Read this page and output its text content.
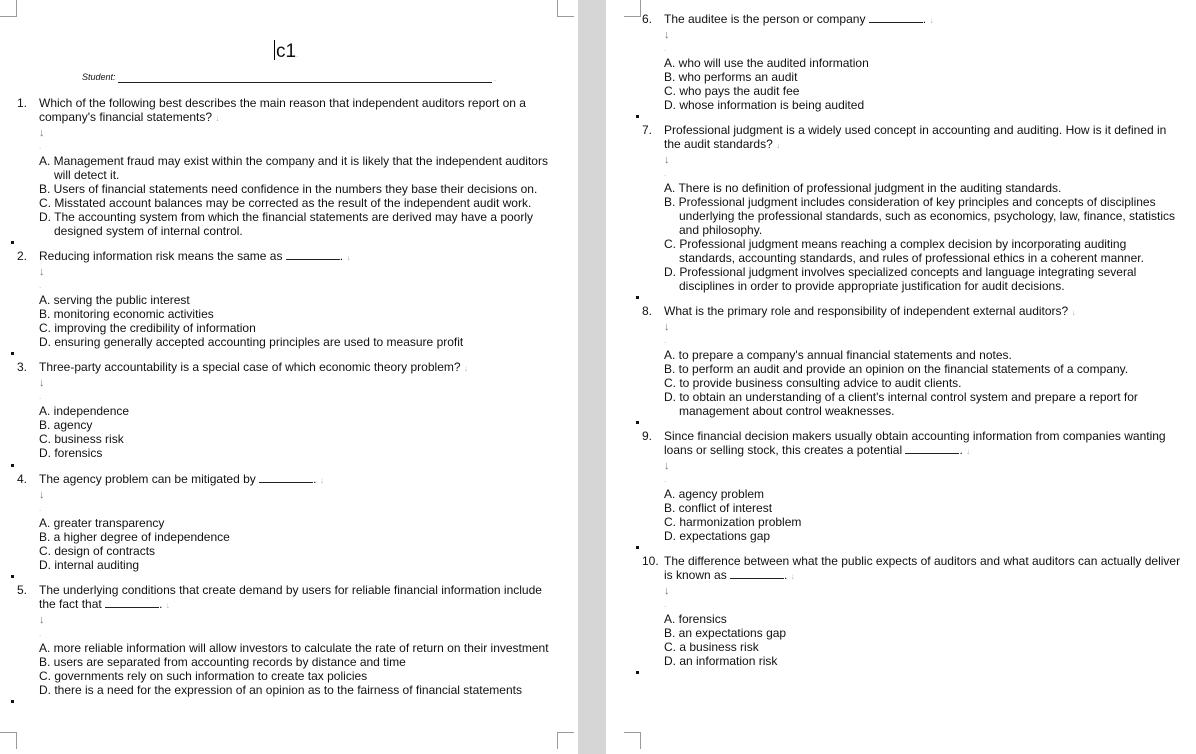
c1.
Student:	.
1. Which of the following best describes the main reason that independent auditors report on a company's financial statements? ↓
↓
.
A. Management fraud may exist within the company and it is likely that the independent auditors will detect it.
B. Users of financial statements need confidence in the numbers they base their decisions on.
C. Misstated account balances may be corrected as the result of the independent audit work.
D. The accounting system from which the financial statements are derived may have a poorly designed system of internal control.
2. Reducing information risk means the same as	. ↓
↓
.
A. serving the public interest
B. monitoring economic activities
C. improving the credibility of information
D. ensuring generally accepted accounting principles are used to measure profit
3. Three-party accountability is a special case of which economic theory problem? ↓
↓
.
A. independence
B. agency
C. business risk
D. forensics
4. The agency problem can be mitigated by	. ↓
↓
.
A. greater transparency
B. a higher degree of independence
C. design of contracts
D. internal auditing
5. The underlying conditions that create demand by users for reliable financial information include the fact that	. ↓
↓
.
A. more reliable information will allow investors to calculate the rate of return on their investment
B. users are separated from accounting records by distance and time
C. governments rely on such information to create tax policies
D. there is a need for the expression of an opinion as to the fairness of financial statements
6. The auditee is the person or company	. ↓
↓
.
A. who will use the audited information
B. who performs an audit
C. who pays the audit fee
D. whose information is being audited
7. Professional judgment is a widely used concept in accounting and auditing. How is it defined in the audit standards? ↓
↓
.
A. There is no definition of professional judgment in the auditing standards.
B. Professional judgment includes consideration of key principles and concepts of disciplines underlying the professional standards, such as economics, psychology, law, finance, statistics and philosophy.
C. Professional judgment means reaching a complex decision by incorporating auditing standards, accounting standards, and rules of professional ethics in a coherent manner.
D. Professional judgment involves specialized concepts and language integrating several disciplines in order to provide appropriate justification for audit decisions.
8. What is the primary role and responsibility of independent external auditors? ↓
↓
.
A. to prepare a company's annual financial statements and notes.
B. to perform an audit and provide an opinion on the financial statements of a company.
C. to provide business consulting advice to audit clients.
D. to obtain an understanding of a client's internal control system and prepare a report for management about control weaknesses.
9. Since financial decision makers usually obtain accounting information from companies wanting loans or selling stock, this creates a potential	. ↓
↓
.
A. agency problem
B. conflict of interest
C. harmonization problem
D. expectations gap
10. The difference between what the public expects of auditors and what auditors can actually deliver is known as	. ↓
↓
.
A. forensics
B. an expectations gap
C. a business risk
D. an information risk
